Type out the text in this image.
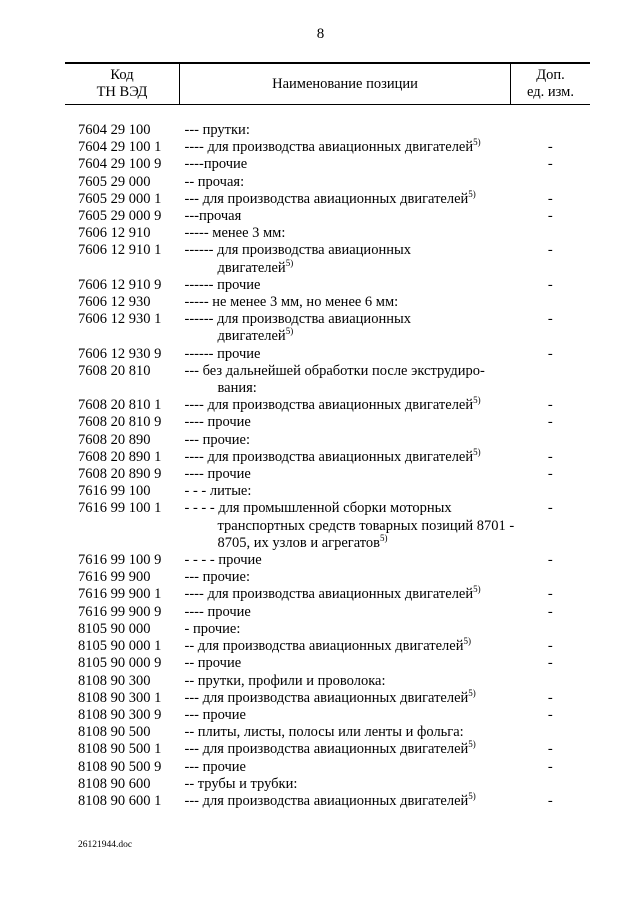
8
Код
ТН ВЭД
	Наименование позиции	
Доп.
ед. изм.

7604 29 100	--- прутки:	

7604 29 100 1	---- для производства авиационных двигателей$^{5)}$	-
7604 29 100 9	----прочие	-
7605 29 000	-- прочая:	

7605 29 000 1	--- для производства авиационных двигателей$^{5)}$	-
7605 29 000 9	---прочая	-
7606 12 910	----- менее 3 мм:	

7606 12 910 1	------ для производства авиационных
двигателей$^{5)}$	-
7606 12 910 9	------ прочие	-
7606 12 930	----- не менее 3 мм, но менее 6 мм:	

7606 12 930 1	------ для производства авиационных
двигателей$^{5)}$	-
7606 12 930 9	------ прочие	-
7608 20 810	--- без дальнейшей обработки после экструдиро-
вания:	

7608 20 810 1	---- для производства авиационных двигателей$^{5)}$	-
7608 20 810 9	---- прочие	-
7608 20 890	--- прочие:	

7608 20 890 1	---- для производства авиационных двигателей$^{5)}$	-
7608 20 890 9	---- прочие	-
7616 99 100	- - - литые:	

7616 99 100 1	- - - - для промышленной сборки моторных
транспортных средств товарных позиций 8701 -
8705, их узлов и агрегатов$^{5)}$	-
7616 99 100 9	- - - - прочие	-
7616 99 900	--- прочие:	

7616 99 900 1	---- для производства авиационных двигателей$^{5)}$	-
7616 99 900 9	---- прочие	-
8105 90 000	- прочие:	

8105 90 000 1	-- для производства авиационных двигателей$^{5)}$	-
8105 90 000 9	-- прочие	-
8108 90 300	-- прутки, профили и проволока:	

8108 90 300 1	--- для производства авиационных двигателей$^{5)}$	-
8108 90 300 9	--- прочие	-
8108 90 500	-- плиты, листы, полосы или ленты и фольга:	

8108 90 500 1	--- для производства авиационных двигателей$^{5)}$	-
8108 90 500 9	--- прочие	-
8108 90 600	-- трубы и трубки:	

8108 90 600 1	--- для производства авиационных двигателей$^{5)}$	-
26121944.doc
